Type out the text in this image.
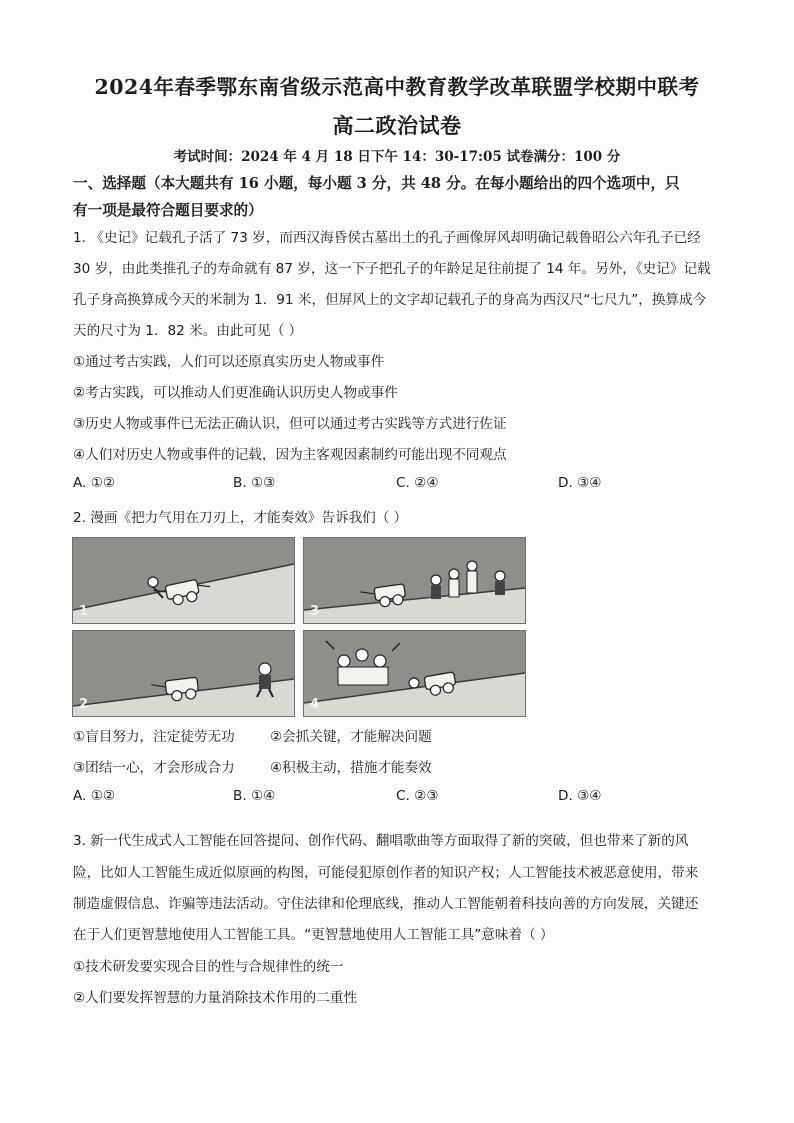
2024年春季鄂东南省级示范高中教育教学改革联盟学校期中联考
高二政治试卷
考试时间：2024 年 4 月 18 日下午 14：30-17:05 试卷满分：100 分
一、选择题（本大题共有 16 小题，每小题 3 分，共 48 分。在每小题给出的四个选项中，只
有一项是最符合题目要求的）
1. 《史记》记载孔子活了 73 岁，而西汉海昏侯古墓出土的孔子画像屏风却明确记载鲁昭公六年孔子已经
30 岁，由此类推孔子的寿命就有 87 岁，这一下子把孔子的年龄足足往前提了 14 年。另外，《史记》记载
孔子身高换算成今天的米制为 1．91 米，但屏风上的文字却记载孔子的身高为西汉尺“七尺九”，换算成今
天的尺寸为 1．82 米。由此可见（ ）
①通过考古实践，人们可以还原真实历史人物或事件
②考古实践，可以推动人们更准确认识历史人物或事件
③历史人物或事件已无法正确认识，但可以通过考古实践等方式进行佐证
④人们对历史人物或事件的记载，因为主客观因素制约可能出现不同观点
A. ①②	B. ①③	C. ②④	D. ③④
2. 漫画《把力气用在刀刃上，才能奏效》告诉我们（ ）
1	3
2	4
①盲目努力，注定徒劳无功	②会抓关键，才能解决问题
③团结一心，才会形成合力	④积极主动，措施才能奏效
A. ①②	B. ①④	C. ②③	D. ③④
3. 新一代生成式人工智能在回答提问、创作代码、翻唱歌曲等方面取得了新的突破，但也带来了新的风
险，比如人工智能生成近似原画的构图，可能侵犯原创作者的知识产权；人工智能技术被恶意使用，带来
制造虚假信息、诈骗等违法活动。守住法律和伦理底线，推动人工智能朝着科技向善的方向发展，关键还
在于人们更智慧地使用人工智能工具。“更智慧地使用人工智能工具”意味着（ ）
①技术研发要实现合目的性与合规律性的统一
②人们要发挥智慧的力量消除技术作用的二重性
